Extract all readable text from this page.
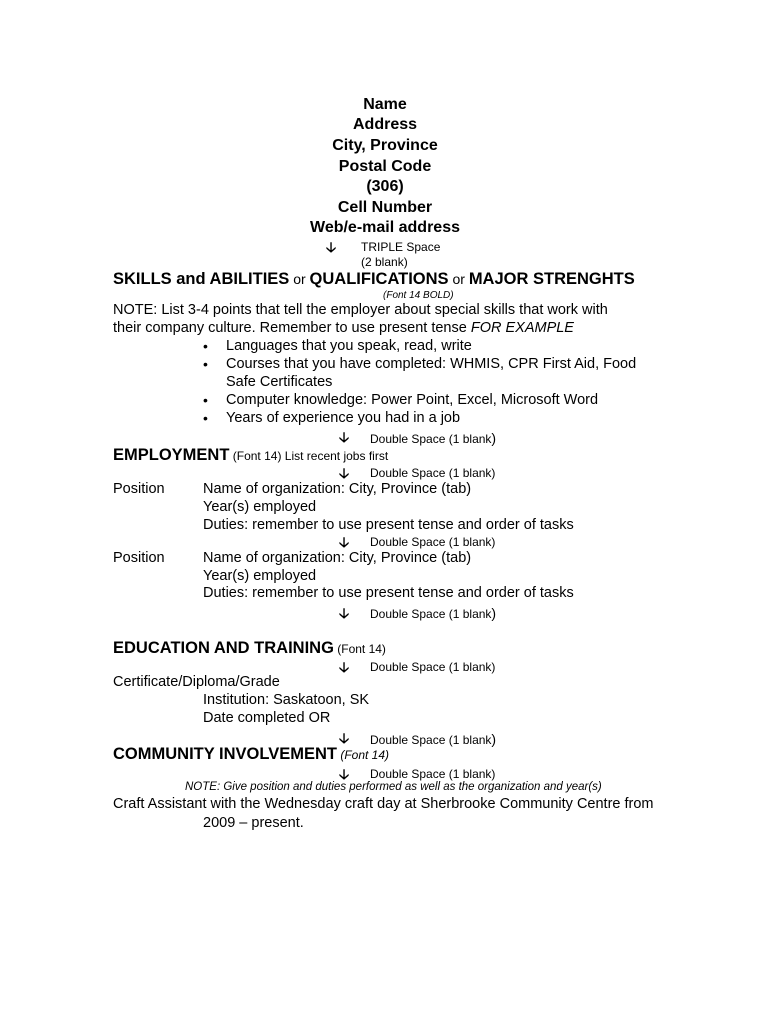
Name
Address
City, Province
Postal Code
(306)
Cell Number
Web/e-mail address
🡣 TRIPLE Space
(2 blank)
SKILLS and ABILITIES or QUALIFICATIONS or MAJOR STRENGHTS
(Font 14 BOLD)
NOTE: List 3-4 points that tell the employer about special skills that work with
their company culture. Remember to use present tense FOR EXAMPLE
• Languages that you speak, read, write
• Courses that you have completed: WHMIS, CPR First Aid, Food
Safe Certificates
• Computer knowledge: Power Point, Excel, Microsoft Word
• Years of experience you had in a job
🡣 Double Space (1 blank)
EMPLOYMENT (Font 14) List recent jobs first
🡣 Double Space (1 blank)
Position	Name of organization: City, Province (tab)
Year(s) employed
Duties: remember to use present tense and order of tasks
🡣 Double Space (1 blank)
Position	Name of organization: City, Province (tab)
Year(s) employed
Duties: remember to use present tense and order of tasks
🡣 Double Space (1 blank)
EDUCATION AND TRAINING (Font 14)
🡣 Double Space (1 blank)
Certificate/Diploma/Grade
Institution: Saskatoon, SK
Date completed OR
🡣 Double Space (1 blank)
COMMUNITY INVOLVEMENT (Font 14)
🡣 Double Space (1 blank)
NOTE: Give position and duties performed as well as the organization and year(s)
Craft Assistant with the Wednesday craft day at Sherbrooke Community Centre from
2009 – present.
